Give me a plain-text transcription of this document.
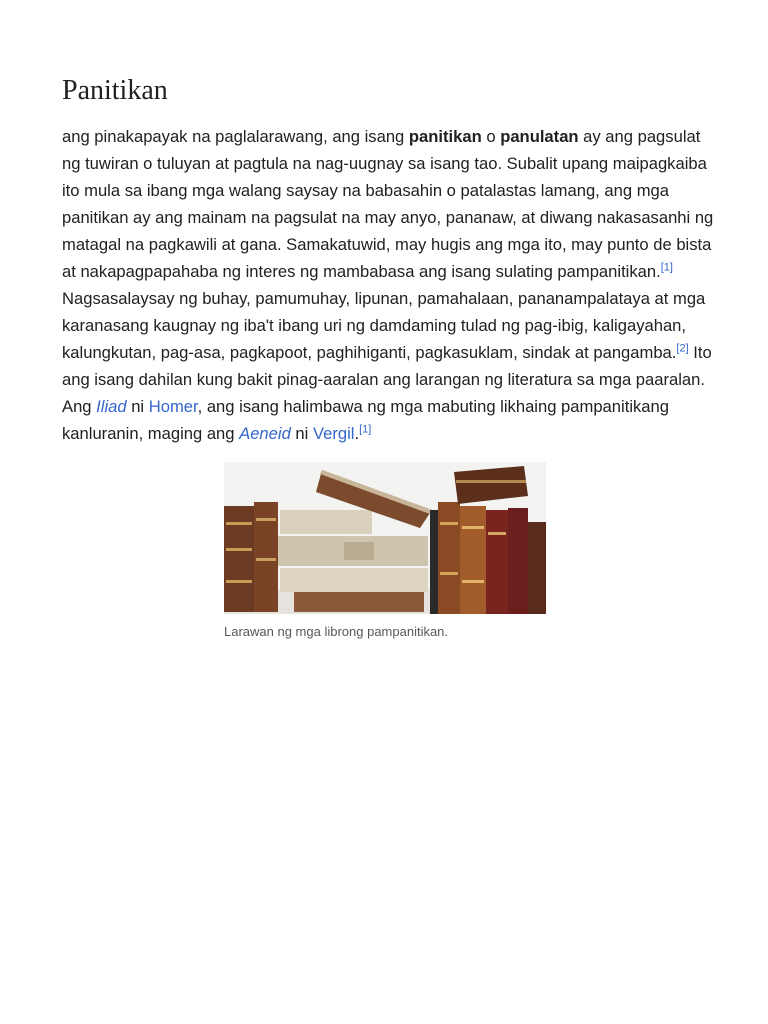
Panitikan

ang pinakapayak na paglalarawang, ang isang panitikan o panulatan ay ang pagsulat ng tuwiran o tuluyan at pagtula na nag-uugnay sa isang tao. Subalit upang maipagkaiba ito mula sa ibang mga walang saysay na babasahin o patalastas lamang, ang mga panitikan ay ang mainam na pagsulat na may anyo, pananaw, at diwang nakasasanhi ng matagal na pagkawili at gana. Samakatuwid, may hugis ang mga ito, may punto de bista at nakapagpapahaba ng interes ng mambabasa ang isang sulating pampanitikan.[1] Nagsasalaysay ng buhay, pamumuhay, lipunan, pamahalaan, pananampalataya at mga karanasang kaugnay ng iba't ibang uri ng damdaming tulad ng pag-ibig, kaligayahan, kalungkutan, pag-asa, pagkapoot, paghihiganti, pagkasuklam, sindak at pangamba.[2] Ito ang isang dahilan kung bakit pinag-aaralan ang larangan ng literatura sa mga paaralan. Ang Iliad ni Homer, ang isang halimbawa ng mga mabuting likhaing pampanitikang kanluranin, maging ang Aeneid ni Vergil.[1]

Larawan ng mga librong pampanitikan.
